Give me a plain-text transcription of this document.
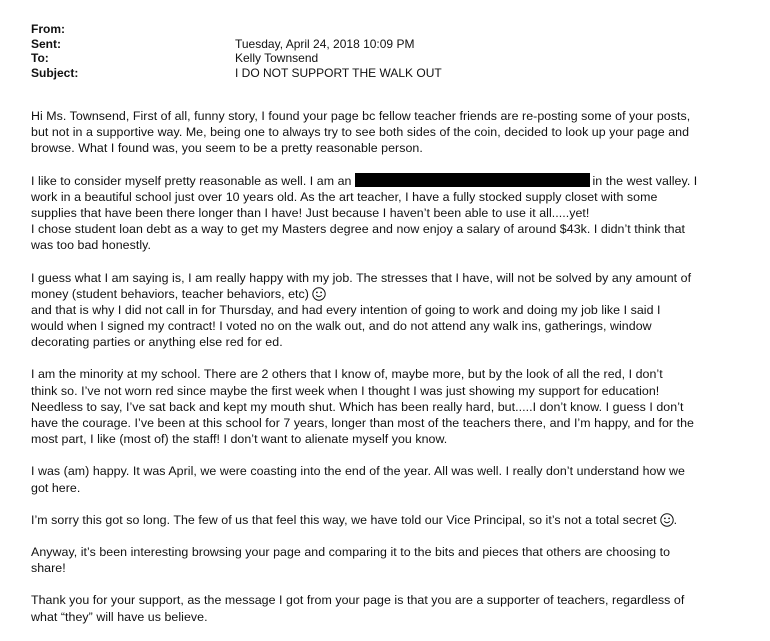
From:
Sent:	Tuesday, April 24, 2018 10:09 PM
To:	Kelly Townsend
Subject:	I DO NOT SUPPORT THE WALK OUT
Hi Ms. Townsend, First of all, funny story, I found your page bc fellow teacher friends are re-posting some of your posts,
but not in a supportive way. Me, being one to always try to see both sides of the coin, decided to look up your page and
browse. What I found was, you seem to be a pretty reasonable person.
I like to consider myself pretty reasonable as well. I am an	in the west valley. I
work in a beautiful school just over 10 years old. As the art teacher, I have a fully stocked supply closet with some
supplies that have been there longer than I have! Just because I haven’t been able to use it all.....yet!
I chose student loan debt as a way to get my Masters degree and now enjoy a salary of around $43k. I didn’t think that
was too bad honestly.
I guess what I am saying is, I am really happy with my job. The stresses that I have, will not be solved by any amount of
money (student behaviors, teacher behaviors, etc)
and that is why I did not call in for Thursday, and had every intention of going to work and doing my job like I said I
would when I signed my contract! I voted no on the walk out, and do not attend any walk ins, gatherings, window
decorating parties or anything else red for ed.
I am the minority at my school. There are 2 others that I know of, maybe more, but by the look of all the red, I don’t
think so. I’ve not worn red since maybe the first week when I thought I was just showing my support for education!
Needless to say, I’ve sat back and kept my mouth shut. Which has been really hard, but.....I don’t know. I guess I don’t
have the courage. I’ve been at this school for 7 years, longer than most of the teachers there, and I’m happy, and for the
most part, I like (most of) the staff! I don’t want to alienate myself you know.
I was (am) happy. It was April, we were coasting into the end of the year. All was well. I really don’t understand how we
got here.
I’m sorry this got so long. The few of us that feel this way, we have told our Vice Principal, so it’s not a total secret .
Anyway, it’s been interesting browsing your page and comparing it to the bits and pieces that others are choosing to
share!
Thank you for your support, as the message I got from your page is that you are a supporter of teachers, regardless of
what “they” will have us believe.
